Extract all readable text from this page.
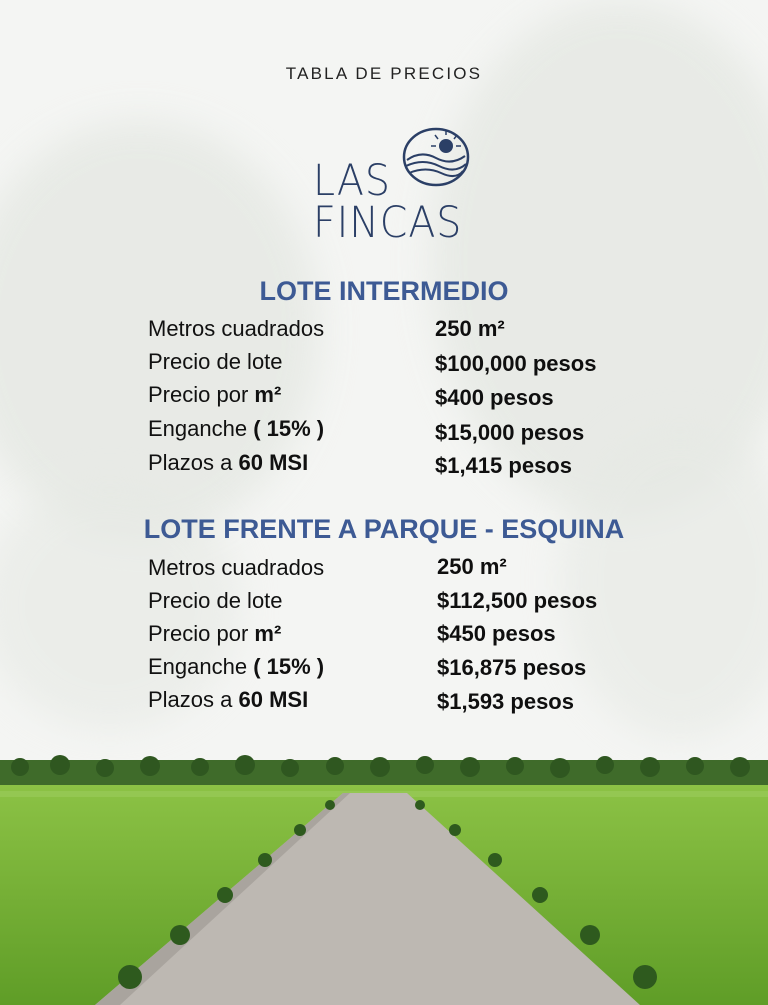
TABLA DE PRECIOS
LAS
FINCAS
LOTE INTERMEDIO
Metros cuadrados	250 m²
Precio de lote	$100,000 pesos
Precio por m²	$400 pesos
Enganche ( 15% )	$15,000 pesos
Plazos a 60 MSI	$1,415 pesos
LOTE FRENTE A PARQUE - ESQUINA
Metros cuadrados	250 m²
Precio de lote	$112,500 pesos
Precio por m²	$450 pesos
Enganche ( 15% )	$16,875 pesos
Plazos a 60 MSI	$1,593 pesos
